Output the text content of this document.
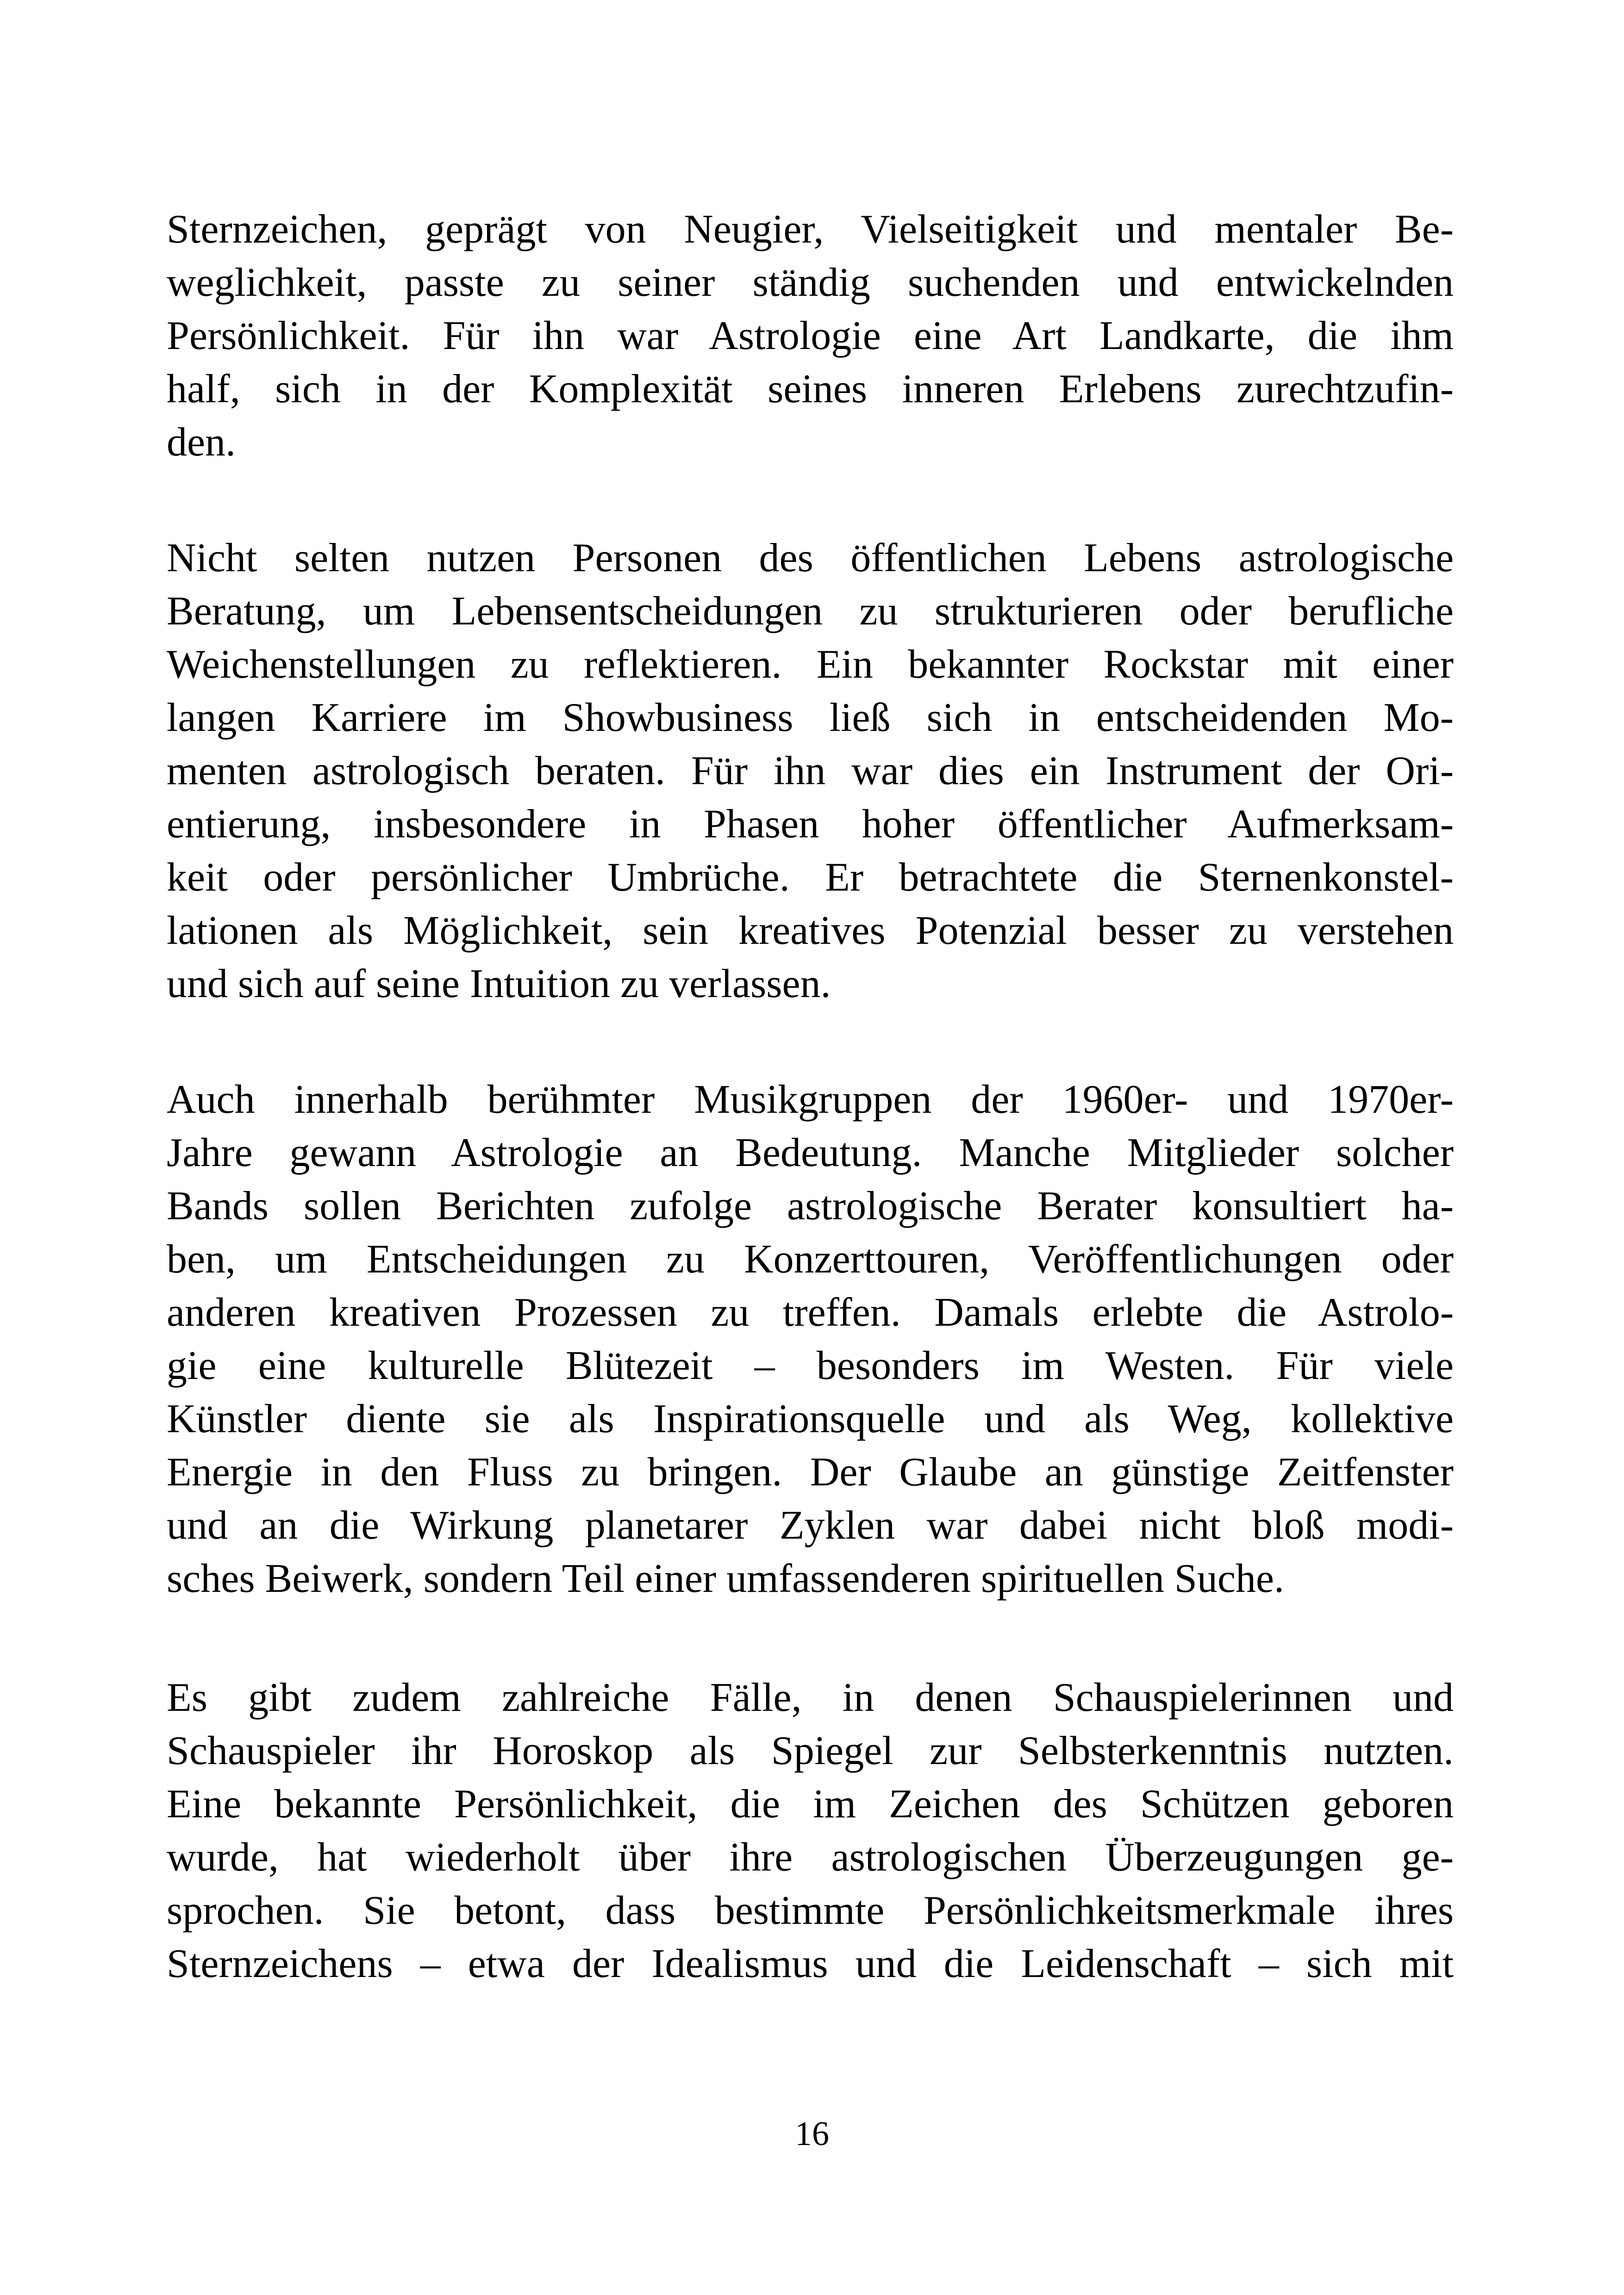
Sternzeichen, geprägt von Neugier, Vielseitigkeit und mentaler Be-
weglichkeit, passte zu seiner ständig suchenden und entwickelnden
Persönlichkeit. Für ihn war Astrologie eine Art Landkarte, die ihm
half, sich in der Komplexität seines inneren Erlebens zurechtzufin-
den.
Nicht selten nutzen Personen des öffentlichen Lebens astrologische
Beratung, um Lebensentscheidungen zu strukturieren oder berufliche
Weichenstellungen zu reflektieren. Ein bekannter Rockstar mit einer
langen Karriere im Showbusiness ließ sich in entscheidenden Mo-
menten astrologisch beraten. Für ihn war dies ein Instrument der Ori-
entierung, insbesondere in Phasen hoher öffentlicher Aufmerksam-
keit oder persönlicher Umbrüche. Er betrachtete die Sternenkonstel-
lationen als Möglichkeit, sein kreatives Potenzial besser zu verstehen
und sich auf seine Intuition zu verlassen.
Auch innerhalb berühmter Musikgruppen der 1960er- und 1970er-
Jahre gewann Astrologie an Bedeutung. Manche Mitglieder solcher
Bands sollen Berichten zufolge astrologische Berater konsultiert ha-
ben, um Entscheidungen zu Konzerttouren, Veröffentlichungen oder
anderen kreativen Prozessen zu treffen. Damals erlebte die Astrolo-
gie eine kulturelle Blütezeit – besonders im Westen. Für viele
Künstler diente sie als Inspirationsquelle und als Weg, kollektive
Energie in den Fluss zu bringen. Der Glaube an günstige Zeitfenster
und an die Wirkung planetarer Zyklen war dabei nicht bloß modi-
sches Beiwerk, sondern Teil einer umfassenderen spirituellen Suche.
Es gibt zudem zahlreiche Fälle, in denen Schauspielerinnen und
Schauspieler ihr Horoskop als Spiegel zur Selbsterkenntnis nutzten.
Eine bekannte Persönlichkeit, die im Zeichen des Schützen geboren
wurde, hat wiederholt über ihre astrologischen Überzeugungen ge-
sprochen. Sie betont, dass bestimmte Persönlichkeitsmerkmale ihres
Sternzeichens – etwa der Idealismus und die Leidenschaft – sich mit
16
